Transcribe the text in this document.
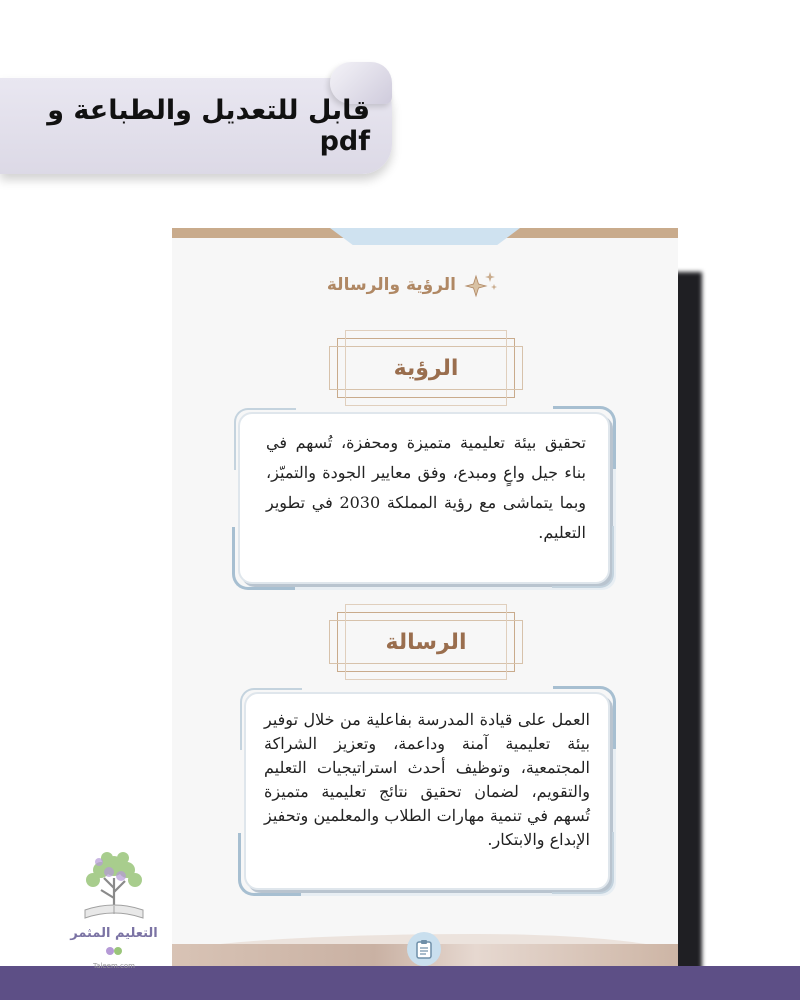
قابل للتعديل والطباعة و pdf
الرؤية
تحقيق بيئة تعليمية متميزة ومحفزة، تُسهم في بناء جيل واعٍ ومبدع، وفق معايير الجودة والتميّز، وبما يتماشى مع رؤية المملكة 2030 في تطوير التعليم.
الرسالة
العمل على قيادة المدرسة بفاعلية من خلال توفير بيئة تعليمية آمنة وداعمة، وتعزيز الشراكة المجتمعية، وتوظيف أحدث استراتيجيات التعليم والتقويم، لضمان تحقيق نتائج تعليمية متميزة تُسهم في تنمية مهارات الطلاب والمعلمين وتحفيز الإبداع والابتكار.
الرؤية والرسالة
التعليم المثمر
Taleem.com
